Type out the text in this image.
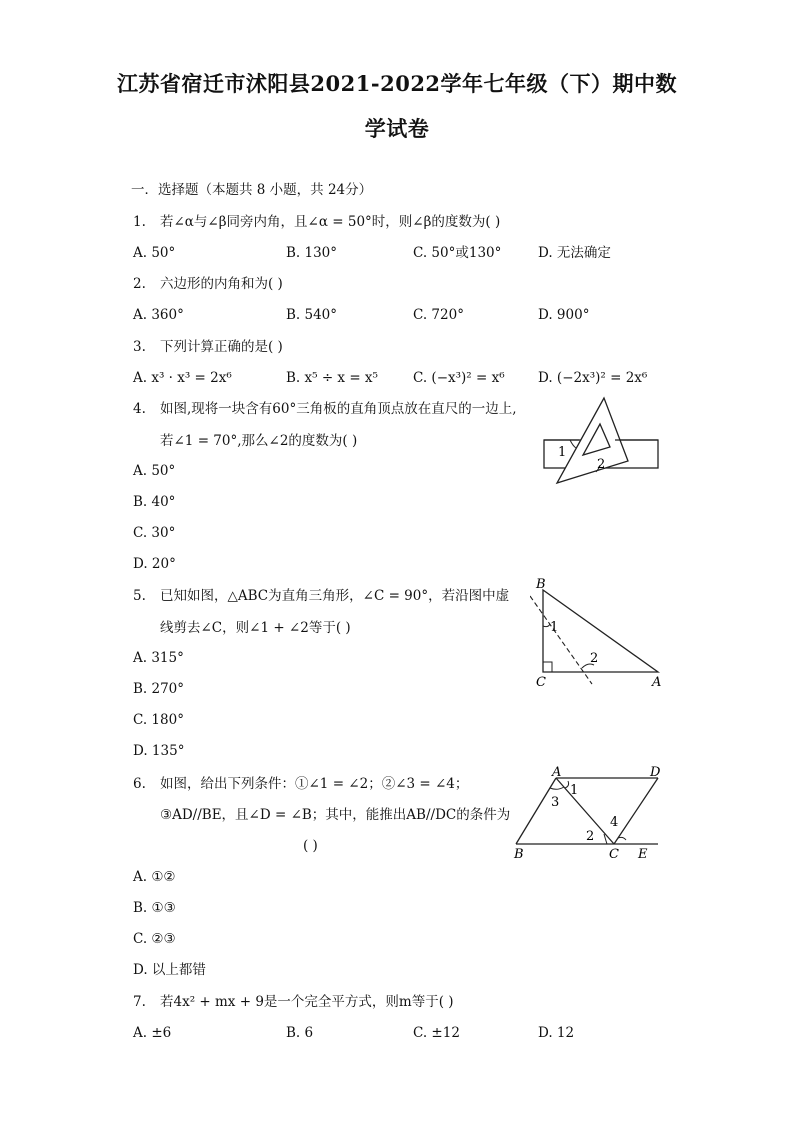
江苏省宿迁市沭阳县2021-2022学年七年级（下）期中数
学试卷
一．选择题（本题共 8 小题，共 24分）
1. 若∠α与∠β同旁内角，且∠α = 50°时，则∠β的度数为( )
A. 50°	B. 130°	C. 50°或130°	D. 无法确定
2. 六边形的内角和为( )
A. 360°	B. 540°	C. 720°	D. 900°
3. 下列计算正确的是( )
A. x³ · x³ = 2x⁶	B. x⁵ ÷ x = x⁵	C. (−x³)² = x⁶ D. (−2x³)² = 2x⁶
4. 如图,现将一块含有60°三角板的直角顶点放在直尺的一边上,
若∠1 = 70°,那么∠2的度数为( )
A. 50°
B. 40°
C. 30°
D. 20°
1
2
5. 已知如图，△ABC为直角三角形，∠C = 90°，若沿图中虚
线剪去∠C，则∠1 + ∠2等于( )
A. 315°
B. 270°
C. 180°
D. 135°
B
1
2
C	A
6. 如图，给出下列条件：①∠1 = ∠2；②∠3 = ∠4；
③AD//BE，且∠D = ∠B；其中，能推出AB//DC的条件为
( )
A. ①②
B. ①③
C. ②③
D. 以上都错
A	D
1
3
4
2
B	C E
7. 若4x² + mx + 9是一个完全平方式，则m等于( )
A. ±6	B. 6	C. ±12	D. 12
